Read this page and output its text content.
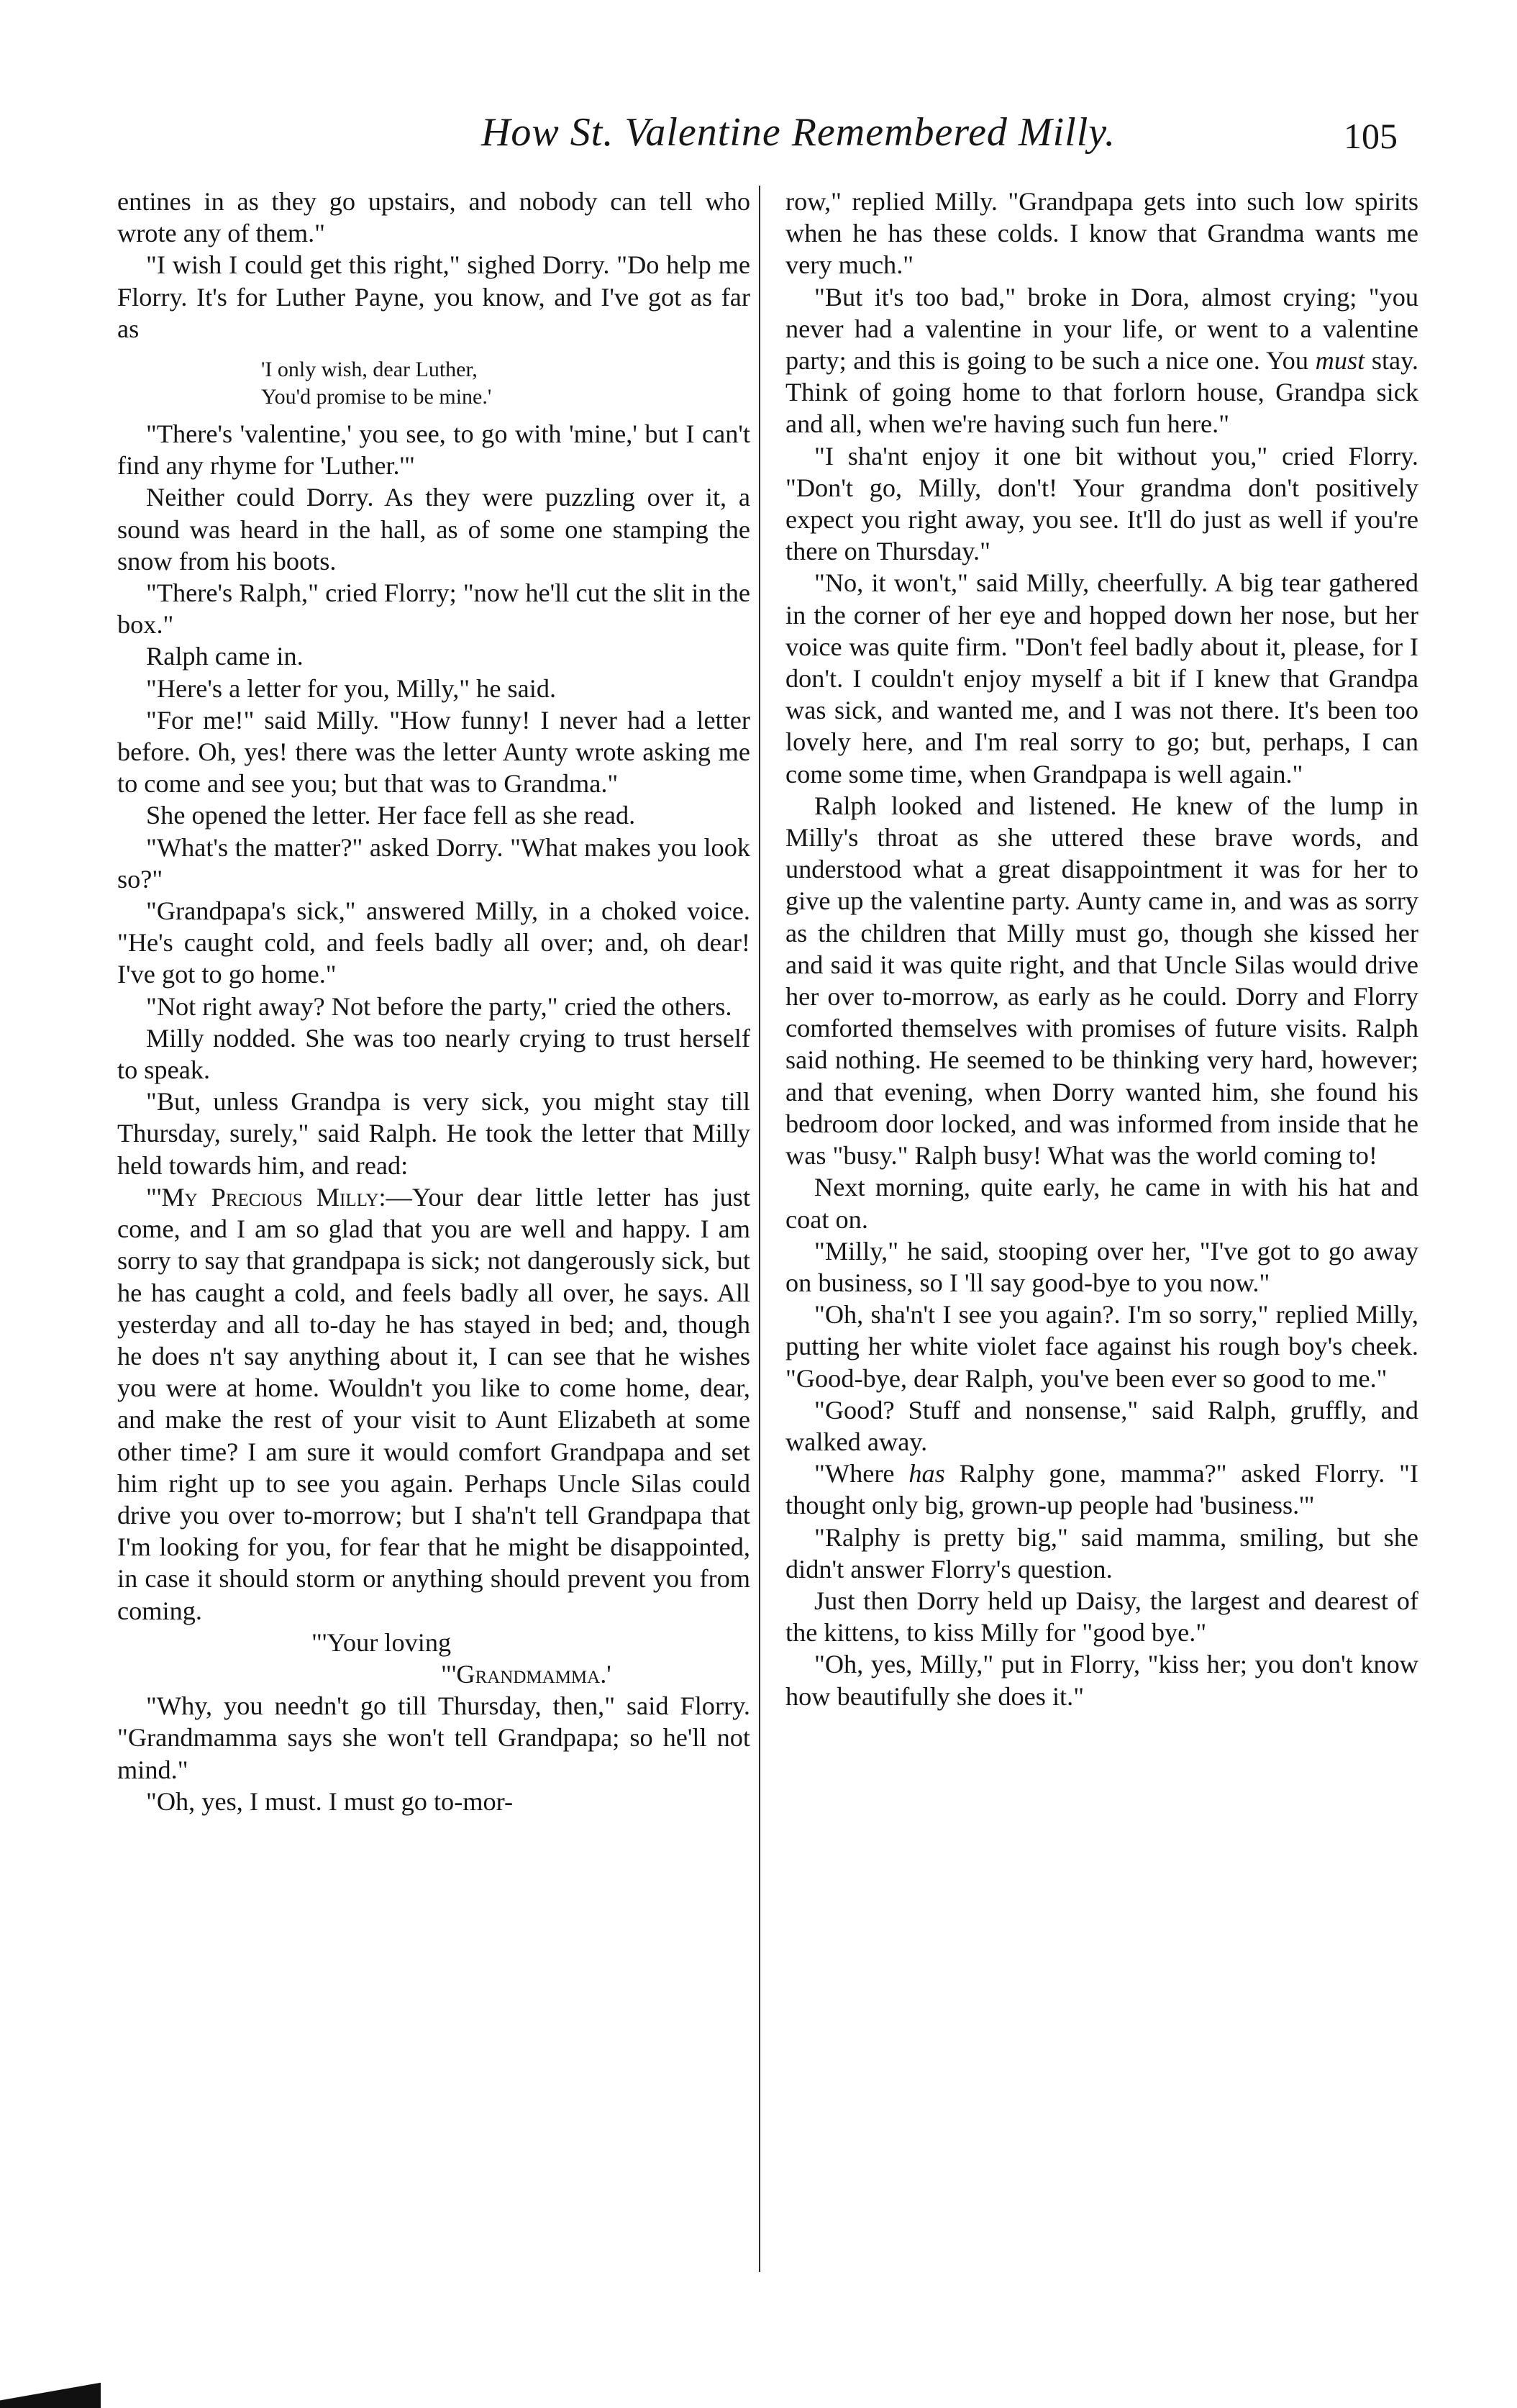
How St. Valentine Remembered Milly.	105

entines in as they go upstairs, and nobody can tell who wrote any of them."

"I wish I could get this right," sighed Dorry. "Do help me Florry. It's for Luther Payne, you know, and I've got as far as

'I only wish, dear Luther,
You'd promise to be mine.'

"There's 'valentine,' you see, to go with 'mine,' but I can't find any rhyme for 'Luther.'"

Neither could Dorry. As they were puzzling over it, a sound was heard in the hall, as of some one stamping the snow from his boots.

"There's Ralph," cried Florry; "now he'll cut the slit in the box."

Ralph came in.

"Here's a letter for you, Milly," he said.

"For me!" said Milly. "How funny! I never had a letter before. Oh, yes! there was the letter Aunty wrote asking me to come and see you; but that was to Grandma."

She opened the letter. Her face fell as she read.

"What's the matter?" asked Dorry. "What makes you look so?"

"Grandpapa's sick," answered Milly, in a choked voice. "He's caught cold, and feels badly all over; and, oh dear! I've got to go home."

"Not right away? Not before the party," cried the others.

Milly nodded. She was too nearly crying to trust herself to speak.

"But, unless Grandpa is very sick, you might stay till Thursday, surely," said Ralph. He took the letter that Milly held towards him, and read:

"'My Precious Milly:—Your dear little letter has just come, and I am so glad that you are well and happy. I am sorry to say that grandpapa is sick; not dangerously sick, but he has caught a cold, and feels badly all over, he says. All yesterday and all to-day he has stayed in bed; and, though he does n't say anything about it, I can see that he wishes you were at home. Wouldn't you like to come home, dear, and make the rest of your visit to Aunt Elizabeth at some other time? I am sure it would comfort Grandpapa and set him right up to see you again. Perhaps Uncle Silas could drive you over to-morrow; but I sha'n't tell Grandpapa that I'm looking for you, for fear that he might be disappointed, in case it should storm or anything should prevent you from coming.

"'Your loving

"'Grandmamma.'

"Why, you needn't go till Thursday, then," said Florry. "Grandmamma says she won't tell Grandpapa; so he'll not mind."

"Oh, yes, I must. I must go to-mor-

row," replied Milly. "Grandpapa gets into such low spirits when he has these colds. I know that Grandma wants me very much."

"But it's too bad," broke in Dora, almost crying; "you never had a valentine in your life, or went to a valentine party; and this is going to be such a nice one. You must stay. Think of going home to that forlorn house, Grandpa sick and all, when we're having such fun here."

"I sha'nt enjoy it one bit without you," cried Florry. "Don't go, Milly, don't! Your grandma don't positively expect you right away, you see. It'll do just as well if you're there on Thursday."

"No, it won't," said Milly, cheerfully. A big tear gathered in the corner of her eye and hopped down her nose, but her voice was quite firm. "Don't feel badly about it, please, for I don't. I couldn't enjoy myself a bit if I knew that Grandpa was sick, and wanted me, and I was not there. It's been too lovely here, and I'm real sorry to go; but, perhaps, I can come some time, when Grandpapa is well again."

Ralph looked and listened. He knew of the lump in Milly's throat as she uttered these brave words, and understood what a great disappointment it was for her to give up the valentine party. Aunty came in, and was as sorry as the children that Milly must go, though she kissed her and said it was quite right, and that Uncle Silas would drive her over to-morrow, as early as he could. Dorry and Florry comforted themselves with promises of future visits. Ralph said nothing. He seemed to be thinking very hard, however; and that evening, when Dorry wanted him, she found his bedroom door locked, and was informed from inside that he was "busy." Ralph busy! What was the world coming to!

Next morning, quite early, he came in with his hat and coat on.

"Milly," he said, stooping over her, "I've got to go away on business, so I 'll say good-bye to you now."

"Oh, sha'n't I see you again?. I'm so sorry," replied Milly, putting her white violet face against his rough boy's cheek. "Good-bye, dear Ralph, you've been ever so good to me."

"Good? Stuff and nonsense," said Ralph, gruffly, and walked away.

"Where has Ralphy gone, mamma?" asked Florry. "I thought only big, grown-up people had 'business.'"

"Ralphy is pretty big," said mamma, smiling, but she didn't answer Florry's question.

Just then Dorry held up Daisy, the largest and dearest of the kittens, to kiss Milly for "good bye."

"Oh, yes, Milly," put in Florry, "kiss her; you don't know how beautifully she does it."
